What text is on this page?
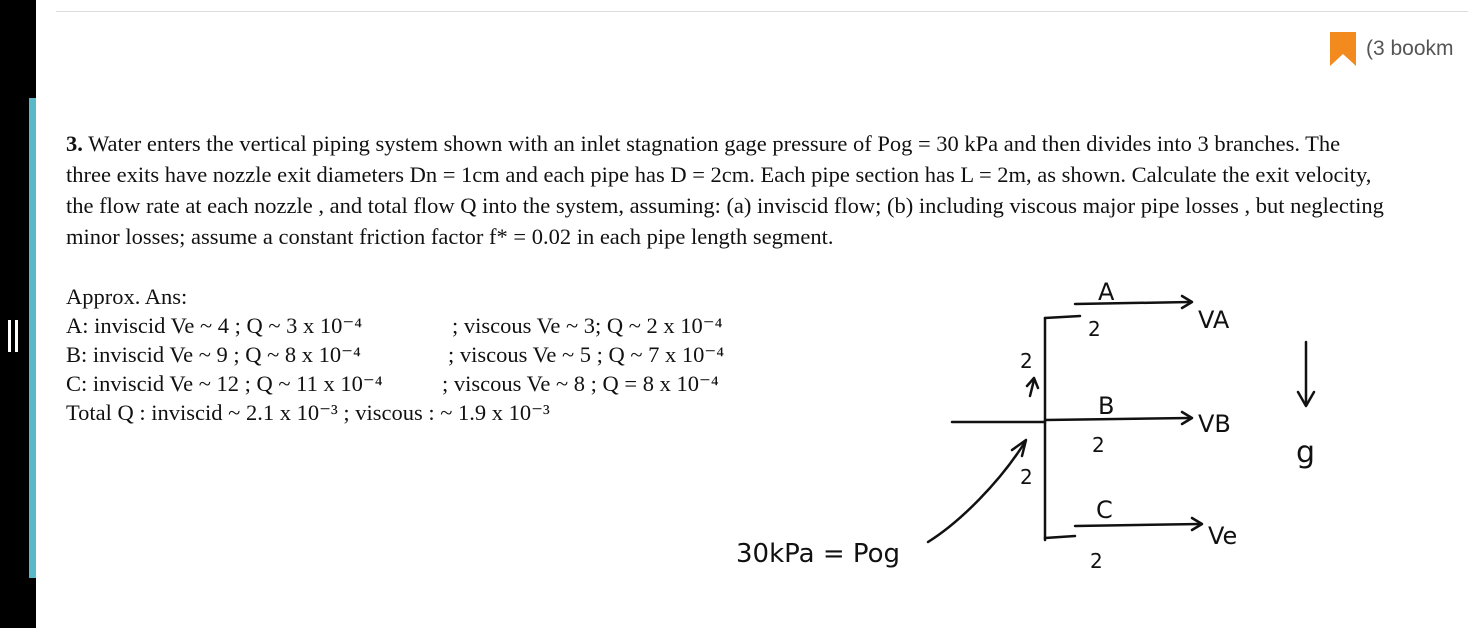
(3 bookm

3. Water enters the vertical piping system shown with an inlet stagnation gage pressure of Pog = 30 kPa and then divides into 3 branches. The three exits have nozzle exit diameters Dn = 1cm and each pipe has D = 2cm. Each pipe section has L = 2m, as shown. Calculate the exit velocity, the flow rate at each nozzle , and total flow Q into the system, assuming: (a) inviscid flow; (b) including viscous major pipe losses , but neglecting minor losses; assume a constant friction factor f* = 0.02 in each pipe length segment.

Approx. Ans:
A: inviscid Ve ~ 4 ; Q ~ 3 x 10⁻⁴	; viscous Ve ~ 3; Q ~ 2 x 10⁻⁴
B: inviscid Ve ~ 9 ; Q ~ 8 x 10⁻⁴	; viscous Ve ~ 5 ; Q ~ 7 x 10⁻⁴
C: inviscid Ve ~ 12 ; Q ~ 11 x 10⁻⁴	; viscous Ve ~ 8 ; Q = 8 x 10⁻⁴
Total Q : inviscid ~ 2.1 x 10⁻³ ; viscous : ~ 1.9 x 10⁻³
A
VA
B
VB
C
Ve
2
2
2
2
2
g
30kPa = Pog
